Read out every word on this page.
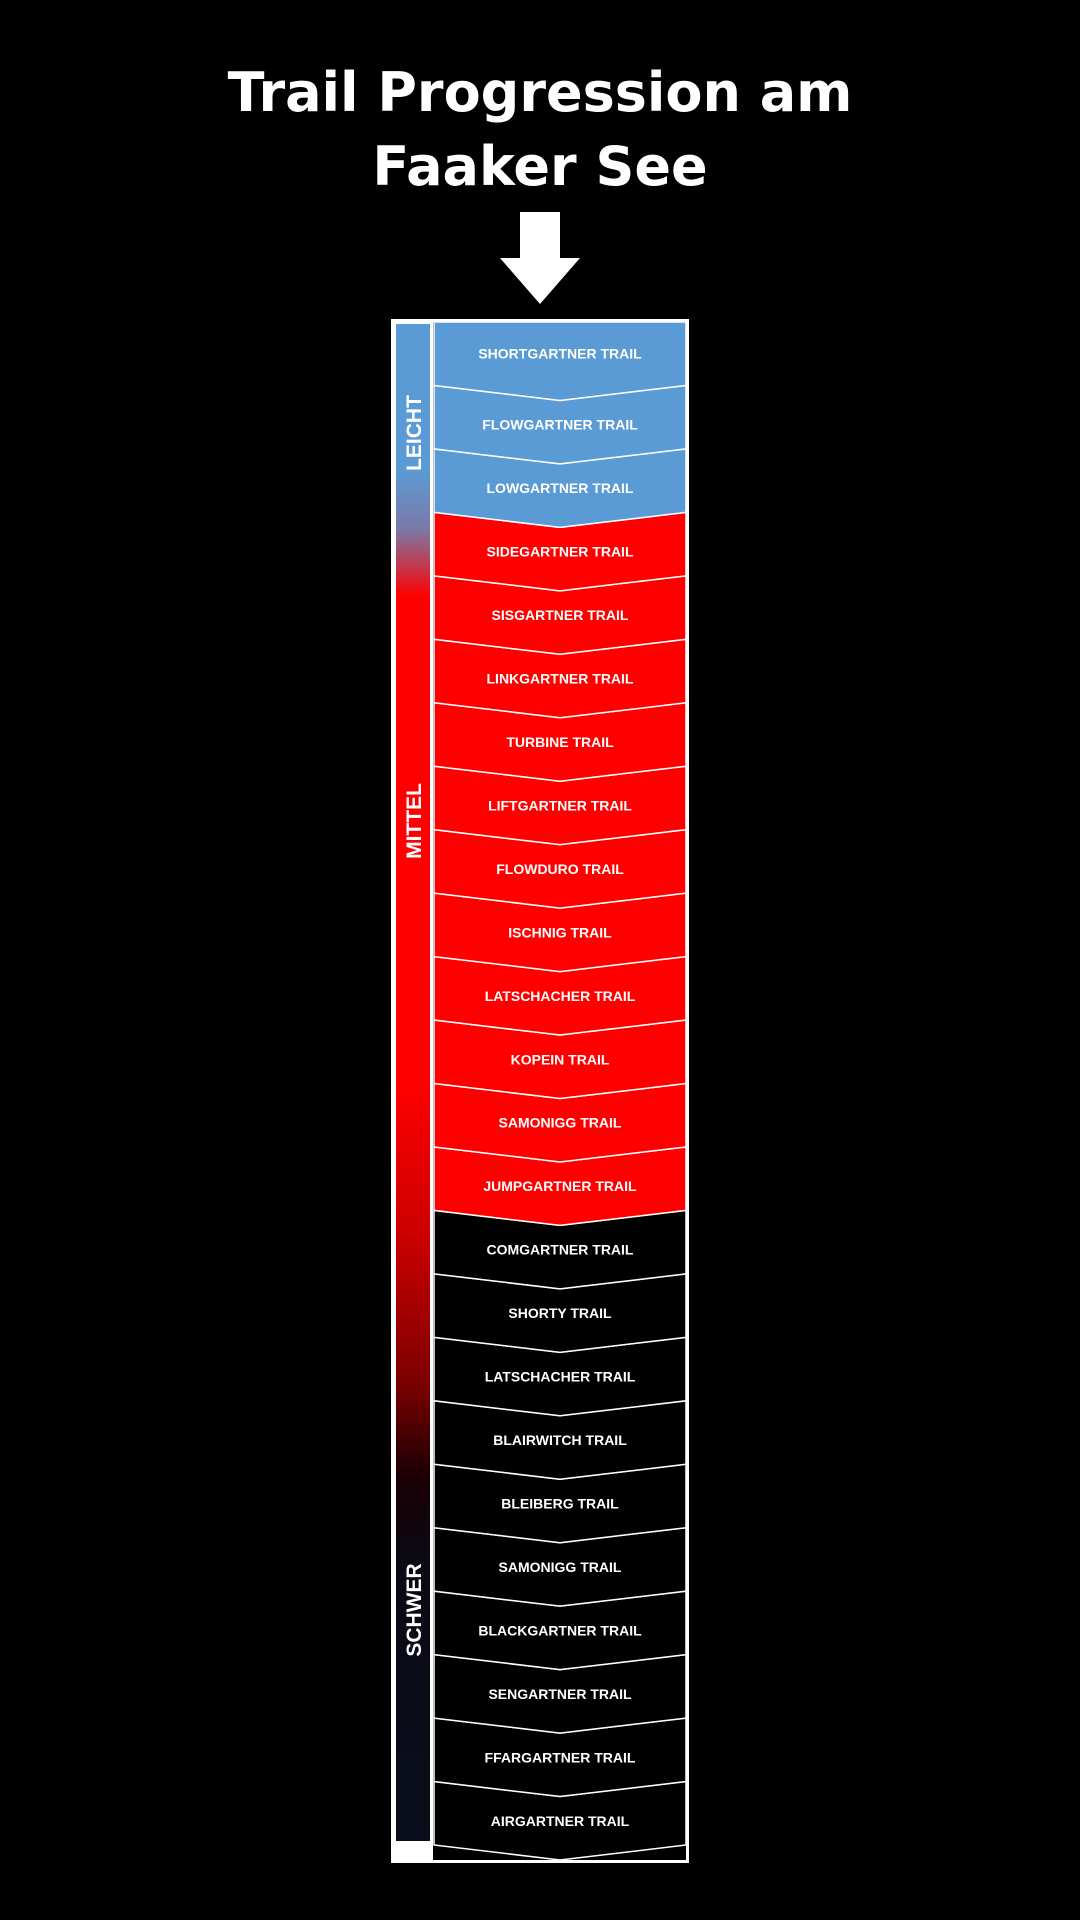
Trail Progression am
Faaker See
LEICHT
MITTEL
SCHWER
AIRGARTNER TRAIL
FFARGARTNER TRAIL
SENGARTNER TRAIL
BLACKGARTNER TRAIL
SAMONIGG TRAIL
BLEIBERG TRAIL
BLAIRWITCH TRAIL
LATSCHACHER TRAIL
SHORTY TRAIL
COMGARTNER TRAIL
JUMPGARTNER TRAIL
SAMONIGG TRAIL
KOPEIN TRAIL
LATSCHACHER TRAIL
ISCHNIG TRAIL
FLOWDURO TRAIL
LIFTGARTNER TRAIL
TURBINE TRAIL
LINKGARTNER TRAIL
SISGARTNER TRAIL
SIDEGARTNER TRAIL
LOWGARTNER TRAIL
FLOWGARTNER TRAIL
SHORTGARTNER TRAIL
